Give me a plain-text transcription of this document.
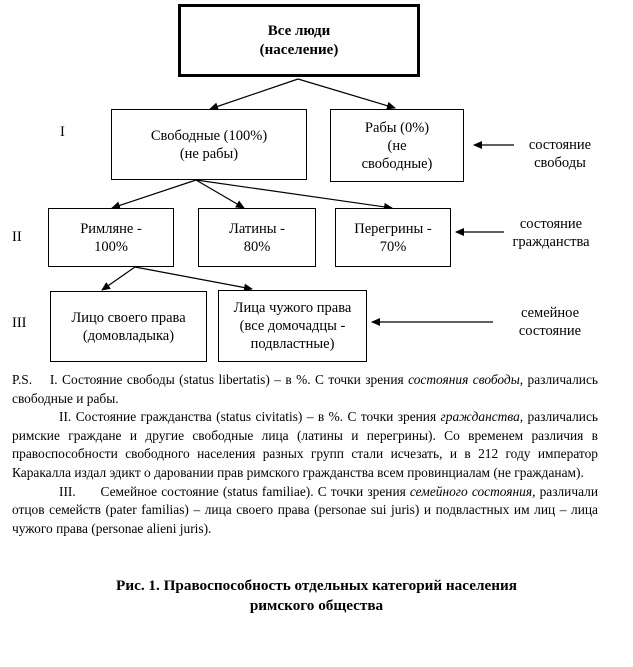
Все люди
(население)
I
II
III
Свободные (100%)
(не рабы)
Рабы (0%)
(не
свободные)
состояние
свободы
Римляне -
100%
Латины -
80%
Перегрины -
70%
состояние
гражданства
Лицо своего права
(домовладыка)
Лица чужого права
(все домочадцы -
подвластные)
семейное
состояние

P.S. I. Состояние свободы (status libertatis) – в %. С точки зрения состояния свободы, различались свободные и рабы.

II. Состояние гражданства (status civitatis) – в %. С точки зрения гражданства, различались римские граждане и другие свободные лица (латины и перегрины). Со временем различия в правоспособности свободного населения разных групп стали исчезать, и в 212 году император Каракалла издал эдикт о даровании прав римского гражданства всем провинциалам (не гражданам).

III.      Семейное состояние (status familiae). С точки зрения семейного состояния, различали отцов семейств (pater familias) – лица своего права (personae sui juris) и подвластных им лиц – лица чужого права (personae alieni juris).

Рис. 1. Правоспособность отдельных категорий населения
римского общества
